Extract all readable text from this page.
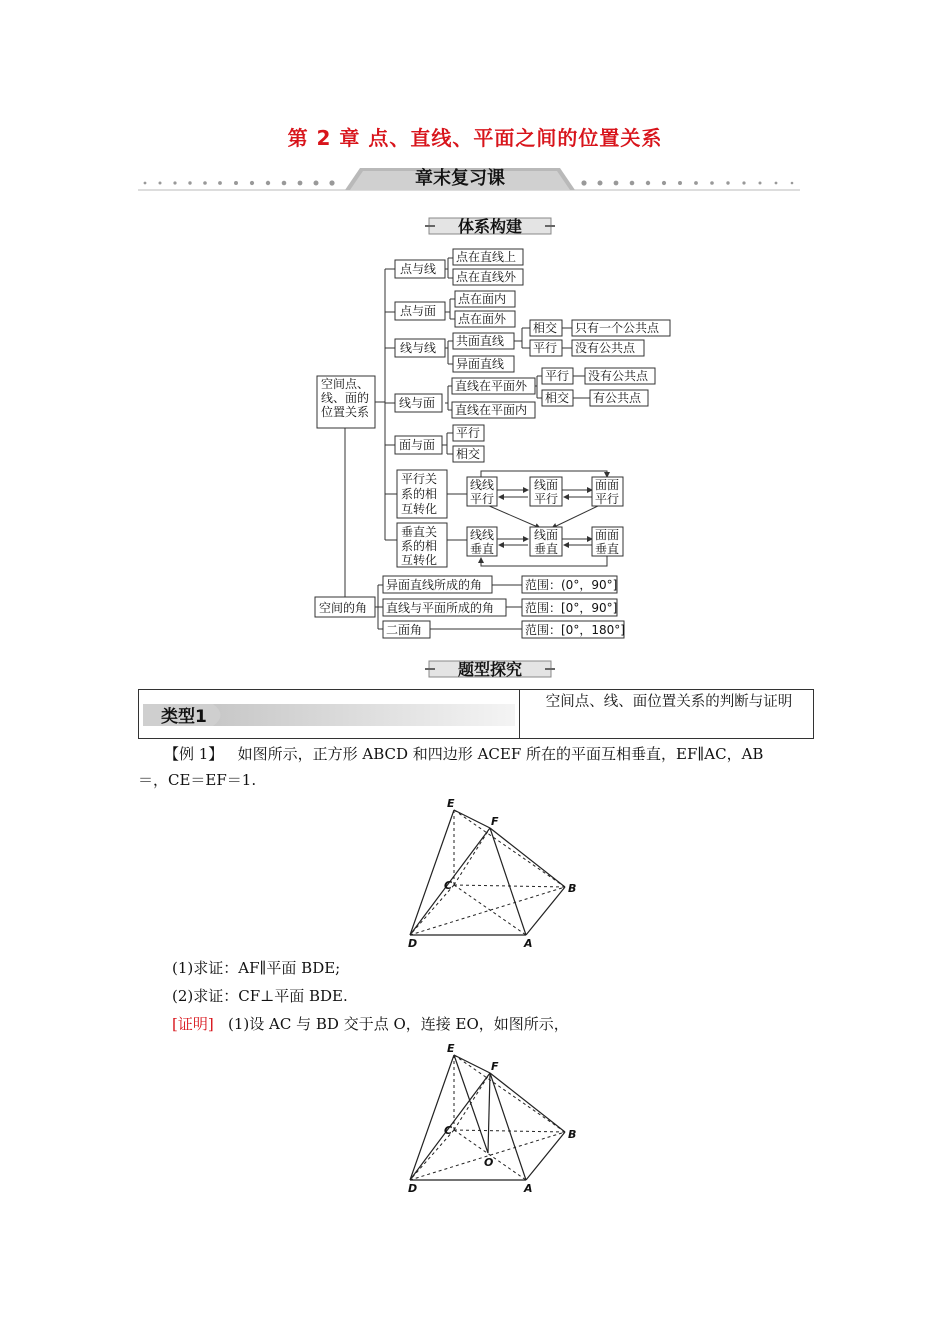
第 2 章 点、直线、平面之间的位置关系
章末复习课
体系构建
空间点、
线、面的
位置关系
点与线
点在直线上
点在直线外
点与面
点在面内
点在面外
线与线 共面直线
异面直线
相交
平行
只有一个公共点
没有公共点
线与面
直线在平面外
直线在平面内
平行
相交
没有公共点
有公共点
面与面
平行
相交
平行关
系的相
互转化
线线
平行
线面
平行
面面
平行
垂直关
系的相
互转化
线线
垂直
线面
垂直
面面
垂直
空间的角
异面直线所成的角
直线与平面所成的角
二面角
范围：(0°，90°]
范围：[0°，90°]
范围：[0°，180°]
题型探究
类型1
空间点、线、面位置关系的判断与证明
【例 1】 如图所示，正方形 ABCD 和四边形 ACEF 所在的平面互相垂直，EF∥AC，AB
＝，CE＝EF＝1.
E
F
C	B
D	A
(1)求证：AF∥平面 BDE;
(2)求证：CF⊥平面 BDE.
[证明] (1)设 AC 与 BD 交于点 O，连接 EO，如图所示，
E
F
C	B
O
D	A
